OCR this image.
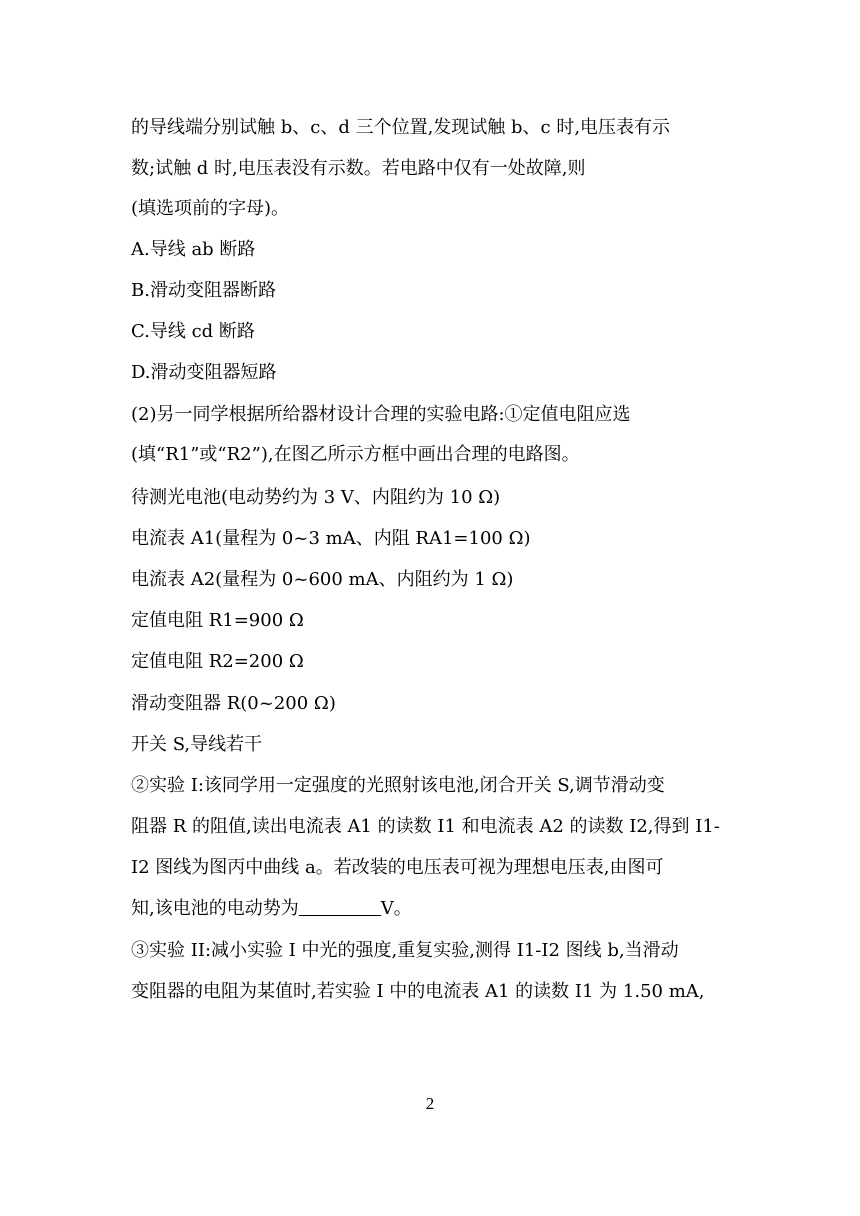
的导线端分别试触 b、c、d 三个位置,发现试触 b、c 时,电压表有示
数;试触 d 时,电压表没有示数。若电路中仅有一处故障,则
(填选项前的字母)。
A.导线 ab 断路
B.滑动变阻器断路
C.导线 cd 断路
D.滑动变阻器短路
(2)另一同学根据所给器材设计合理的实验电路:①定值电阻应选
(填“R1”或“R2”),在图乙所示方框中画出合理的电路图。
待测光电池(电动势约为 3 V、内阻约为 10 Ω)
电流表 A1(量程为 0~3 mA、内阻 RA1=100 Ω)
电流表 A2(量程为 0~600 mA、内阻约为 1 Ω)
定值电阻 R1=900 Ω
定值电阻 R2=200 Ω
滑动变阻器 R(0~200 Ω)
开关 S,导线若干
②实验 I:该同学用一定强度的光照射该电池,闭合开关 S,调节滑动变
阻器 R 的阻值,读出电流表 A1 的读数 I1 和电流表 A2 的读数 I2,得到 I1-
I2 图线为图丙中曲线 a。若改装的电压表可视为理想电压表,由图可
知,该电池的电动势为	V。
③实验 II:减小实验 I 中光的强度,重复实验,测得 I1-I2 图线 b,当滑动
变阻器的电阻为某值时,若实验 I 中的电流表 A1 的读数 I1 为 1.50 mA,
2
